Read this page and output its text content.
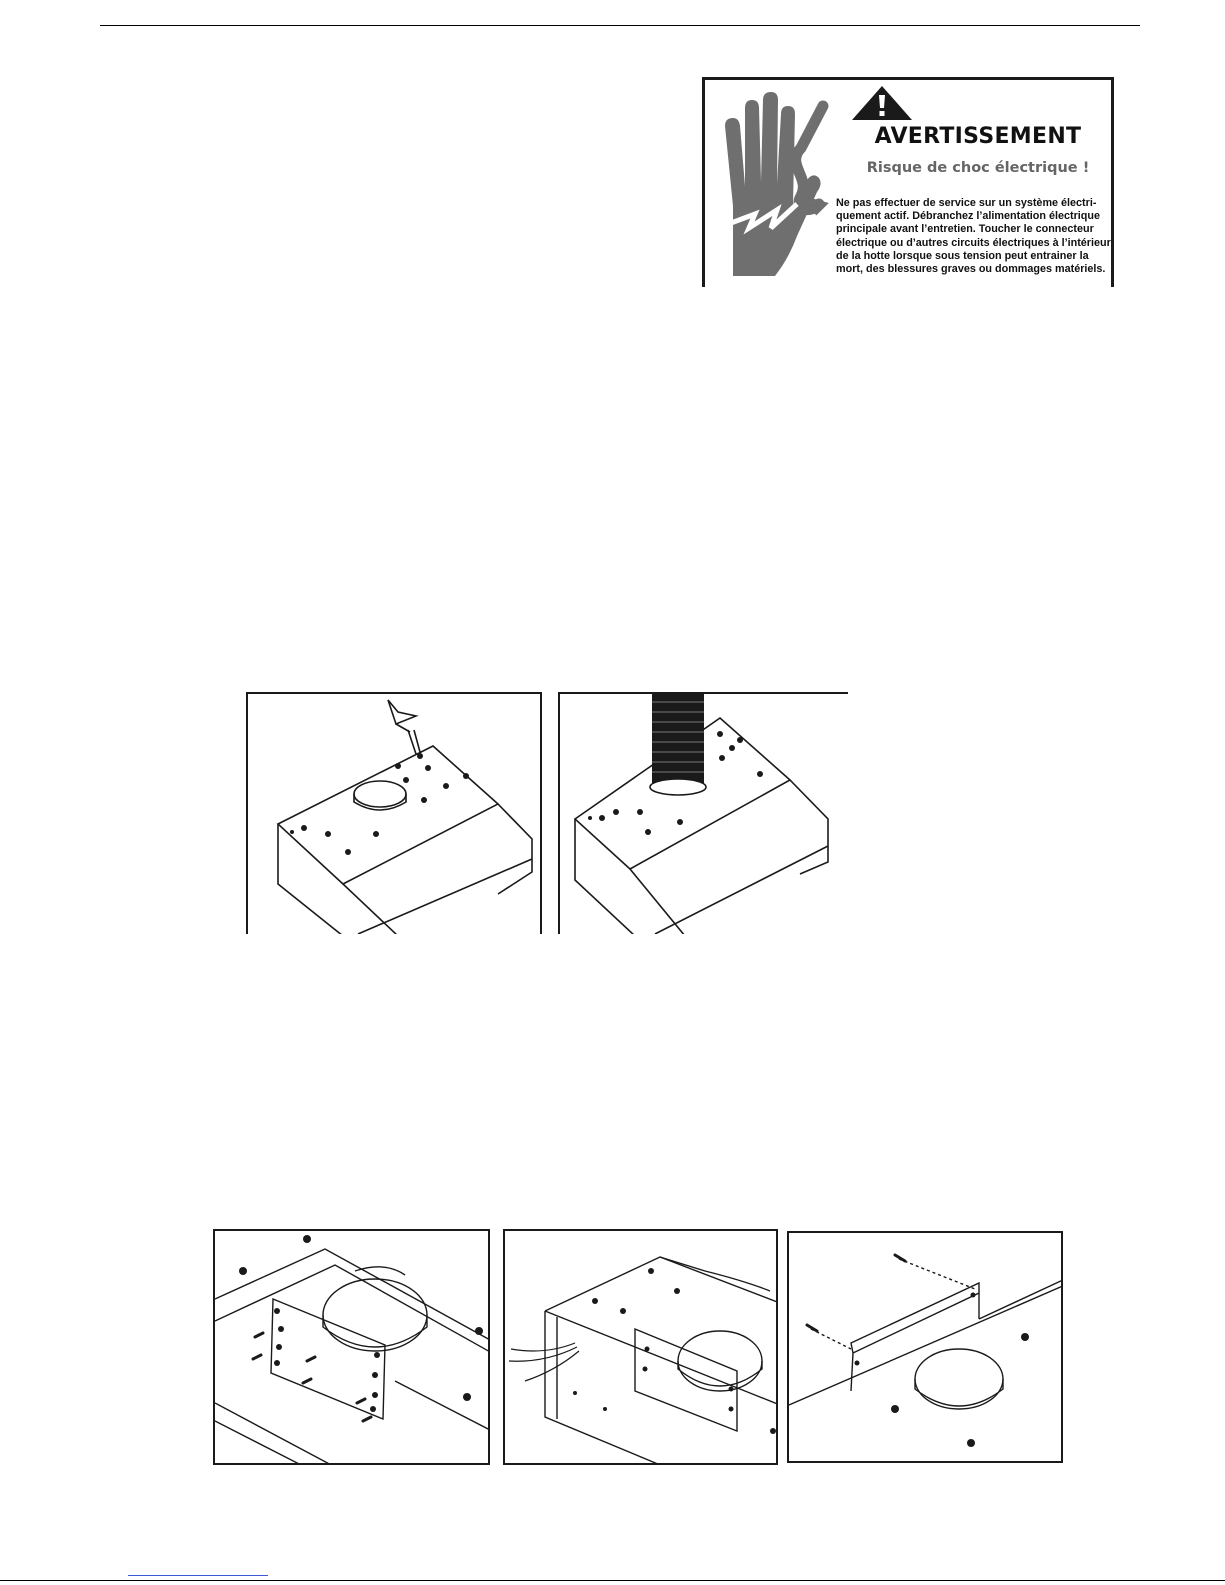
AVERTISSEMENT
Risque de choc électrique !
Ne pas effectuer de service sur un système électri-
quement actif. Débranchez l’alimentation électrique
principale avant l’entretien. Toucher le connecteur
électrique ou d’autres circuits électriques à l’intérieur
de la hotte lorsque sous tension peut entrainer la
mort, des blessures graves ou dommages matériels.
